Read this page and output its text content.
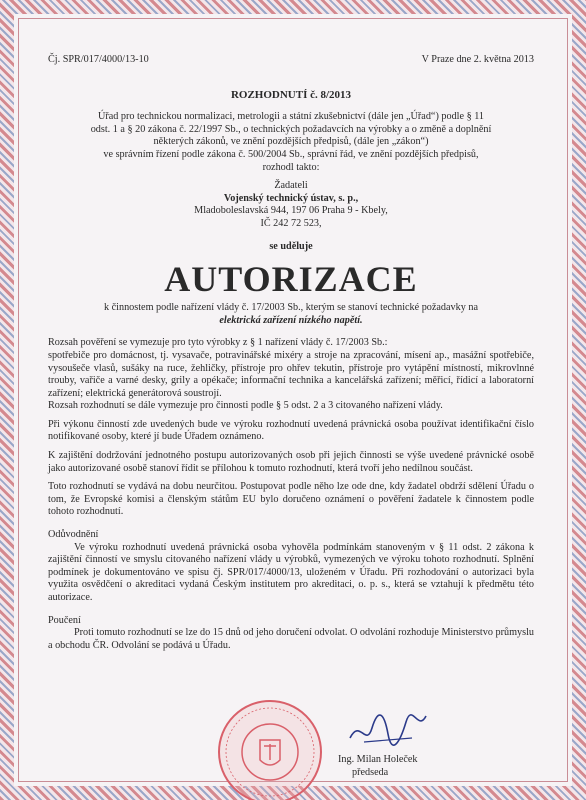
Čj. SPR/017/4000/13-10	V Praze dne 2. května 2013

ROZHODNUTÍ č. 8/2013

Úřad pro technickou normalizaci, metrologii a státní zkušebnictví (dále jen „Úřad“) podle § 11

odst. 1 a § 20 zákona č. 22/1997 Sb., o technických požadavcích na výrobky a o změně a doplnění

některých zákonů, ve znění pozdějších předpisů, (dále jen „zákon“)

ve správním řízení podle zákona č. 500/2004 Sb., správní řád, ve znění pozdějších předpisů,

rozhodl takto:

Žadateli

Vojenský technický ústav, s. p.,

Mladoboleslavská 944, 197 06 Praha 9 - Kbely,

IČ 242 72 523,

se uděluje

AUTORIZACE

k činnostem podle nařízení vlády č. 17/2003 Sb., kterým se stanoví technické požadavky na

elektrická zařízení nízkého napětí.

Rozsah pověření se vymezuje pro tyto výrobky z § 1 nařízení vlády č. 17/2003 Sb.:

spotřebiče pro domácnost, tj. vysavače, potravinářské mixéry a stroje na zpracování, mísení ap., masážní spotřebiče, vysoušeče vlasů, sušáky na ruce, žehličky, přístroje pro ohřev tekutin, přístroje pro vytápění místností, mikrovlnné trouby, vařiče a varné desky, grily a opékače; informační technika a kancelářská zařízení; měřicí, řídicí a laboratorní zařízení; elektrická generátorová soustrojí.

Rozsah rozhodnutí se dále vymezuje pro činnosti podle § 5 odst. 2 a 3 citovaného nařízení vlády.

Při výkonu činností zde uvedených bude ve výroku rozhodnutí uvedená právnická osoba používat identifikační číslo notifikované osoby, které jí bude Úřadem oznámeno.

K zajištění dodržování jednotného postupu autorizovaných osob při jejich činnosti se výše uvedené právnické osobě jako autorizované osobě stanoví řídit se přílohou k tomuto rozhodnutí, která tvoří jeho nedílnou součást.

Toto rozhodnutí se vydává na dobu neurčitou. Postupovat podle něho lze ode dne, kdy žadatel obdrží sdělení Úřadu o tom, že Evropské komisi a členským státům EU bylo doručeno oznámení o pověření žadatele k činnostem podle tohoto rozhodnutí.

Odůvodnění

Ve výroku rozhodnutí uvedená právnická osoba vyhověla podmínkám stanoveným v § 11 odst. 2 zákona k zajištění činností ve smyslu citovaného nařízení vlády u výrobků, vymezených ve výroku tohoto rozhodnutí. Splnění podmínek je dokumentováno ve spisu čj. SPR/017/4000/13, uloženém v Úřadu. Při rozhodování o autorizaci byla využita osvědčení o akreditaci vydaná Českým institutem pro akreditaci, o. p. s., která se vztahují k předmětu této autorizace.

Poučení

Proti tomuto rozhodnutí se lze do 15 dnů od jeho doručení odvolat. O odvolání rozhoduje Ministerstvo průmyslu a obchodu ČR. Odvolání se podává u Úřadu.

Ing. Milan Holeček

předseda
